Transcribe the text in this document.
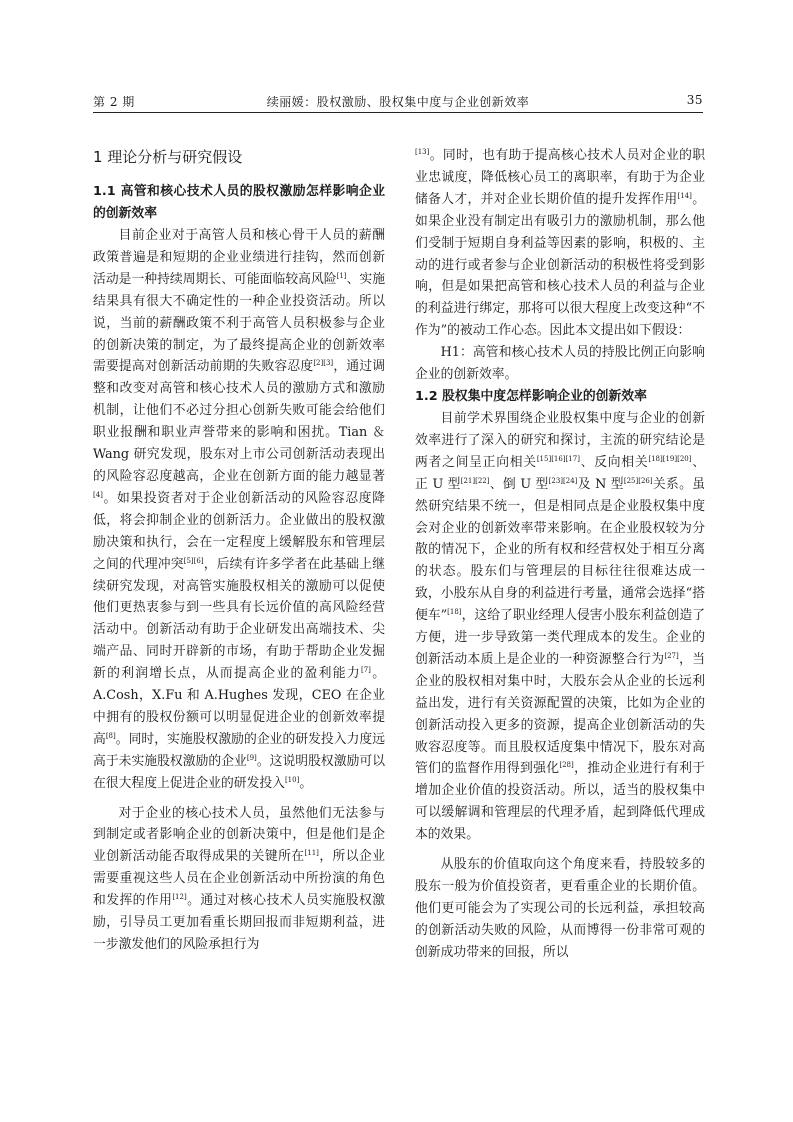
第 2 期	续丽媛：股权激励、股权集中度与企业创新效率	35
1 理论分析与研究假设
1.1 高管和核心技术人员的股权激励怎样影响企业的创新效率

目前企业对于高管人员和核心骨干人员的薪酬政策普遍是和短期的企业业绩进行挂钩，然而创新活动是一种持续周期长、可能面临较高风险[1]、实施结果具有很大不确定性的一种企业投资活动。所以说，当前的薪酬政策不利于高管人员积极参与企业的创新决策的制定，为了最终提高企业的创新效率需要提高对创新活动前期的失败容忍度[2][3]，通过调整和改变对高管和核心技术人员的激励方式和激励机制，让他们不必过分担心创新失败可能会给他们职业报酬和职业声誉带来的影响和困扰。Tian ＆Wang 研究发现，股东对上市公司创新活动表现出的风险容忍度越高，企业在创新方面的能力越显著[4]。如果投资者对于企业创新活动的风险容忍度降低，将会抑制企业的创新活力。企业做出的股权激励决策和执行，会在一定程度上缓解股东和管理层之间的代理冲突[5][6]，后续有许多学者在此基础上继续研究发现，对高管实施股权相关的激励可以促使他们更热衷参与到一些具有长远价值的高风险经营活动中。创新活动有助于企业研发出高端技术、尖端产品、同时开辟新的市场，有助于帮助企业发掘新的利润增长点，从而提高企业的盈利能力[7]。A.Cosh，X.Fu 和 A.Hughes 发现，CEO 在企业中拥有的股权份额可以明显促进企业的创新效率提高[8]。同时，实施股权激励的企业的研发投入力度远高于未实施股权激励的企业[9]。这说明股权激励可以在很大程度上促进企业的研发投入[10]。

对于企业的核心技术人员，虽然他们无法参与到制定或者影响企业的创新决策中，但是他们是企业创新活动能否取得成果的关键所在[11]，所以企业需要重视这些人员在企业创新活动中所扮演的角色和发挥的作用[12]。通过对核心技术人员实施股权激励，引导员工更加看重长期回报而非短期利益，进一步激发他们的风险承担行为

[13]。同时，也有助于提高核心技术人员对企业的职业忠诚度，降低核心员工的离职率，有助于为企业储备人才，并对企业长期价值的提升发挥作用[14]。如果企业没有制定出有吸引力的激励机制，那么他们受制于短期自身利益等因素的影响，积极的、主动的进行或者参与企业创新活动的积极性将受到影响，但是如果把高管和核心技术人员的利益与企业的利益进行绑定，那将可以很大程度上改变这种“不作为”的被动工作心态。因此本文提出如下假设：

H1：高管和核心技术人员的持股比例正向影响企业的创新效率。

1.2 股权集中度怎样影响企业的创新效率

目前学术界围绕企业股权集中度与企业的创新效率进行了深入的研究和探讨，主流的研究结论是两者之间呈正向相关[15][16][17]、反向相关[18][19][20]、正 U 型[21][22]、倒 U 型[23][24]及 N 型[25][26]关系。虽然研究结果不统一，但是相同点是企业股权集中度会对企业的创新效率带来影响。在企业股权较为分散的情况下，企业的所有权和经营权处于相互分离的状态。股东们与管理层的目标往往很难达成一致，小股东从自身的利益进行考量，通常会选择“搭便车”[18]，这给了职业经理人侵害小股东利益创造了方便，进一步导致第一类代理成本的发生。企业的创新活动本质上是企业的一种资源整合行为[27]，当企业的股权相对集中时，大股东会从企业的长远利益出发，进行有关资源配置的决策，比如为企业的创新活动投入更多的资源，提高企业创新活动的失败容忍度等。而且股权适度集中情况下，股东对高管们的监督作用得到强化[28]，推动企业进行有利于增加企业价值的投资活动。所以，适当的股权集中可以缓解调和管理层的代理矛盾，起到降低代理成本的效果。

从股东的价值取向这个角度来看，持股较多的股东一般为价值投资者，更看重企业的长期价值。他们更可能会为了实现公司的长远利益，承担较高的创新活动失败的风险，从而博得一份非常可观的创新成功带来的回报，所以
